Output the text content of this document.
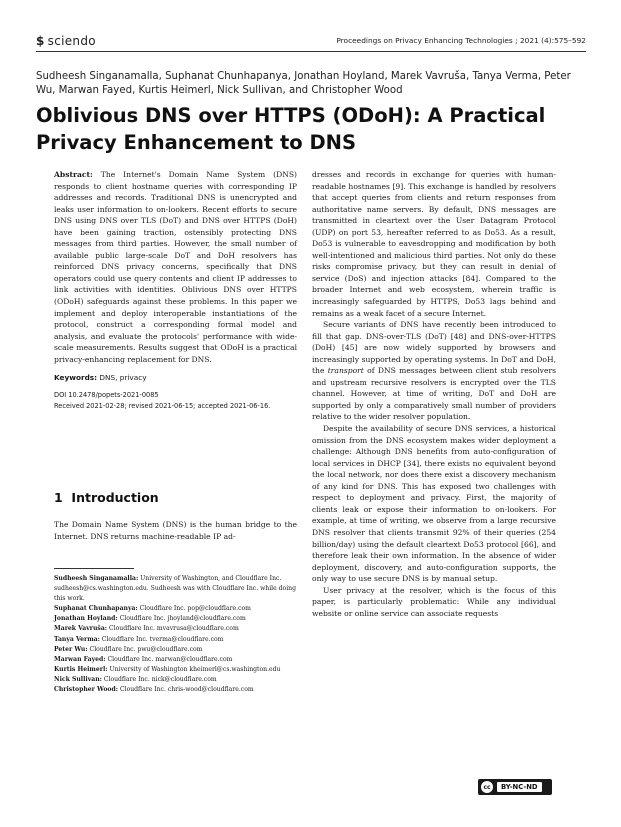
$ sciendo	Proceedings on Privacy Enhancing Technologies ; 2021 (4):575–592
Sudheesh Singanamalla, Suphanat Chunhapanya, Jonathan Hoyland, Marek Vavruša, Tanya Verma, Peter Wu, Marwan Fayed, Kurtis Heimerl, Nick Sullivan, and Christopher Wood
Oblivious DNS over HTTPS (ODoH): A Practical Privacy Enhancement to DNS

Abstract: The Internet's Domain Name System (DNS) responds to client hostname queries with corresponding IP addresses and records. Traditional DNS is unencrypted and leaks user information to on-lookers. Recent efforts to secure DNS using DNS over TLS (DoT) and DNS over HTTPS (DoH) have been gaining traction, ostensibly protecting DNS messages from third parties. However, the small number of available public large-scale DoT and DoH resolvers has reinforced DNS privacy concerns, specifically that DNS operators could use query contents and client IP addresses to link activities with identities. Oblivious DNS over HTTPS (ODoH) safeguards against these problems. In this paper we implement and deploy interoperable instantiations of the protocol, construct a corresponding formal model and analysis, and evaluate the protocols' performance with wide-scale measurements. Results suggest that ODoH is a practical privacy-enhancing replacement for DNS.

Keywords: DNS, privacy

DOI 10.2478/popets-2021-0085
Received 2021-02-28; revised 2021-06-15; accepted 2021-06-16.
1 Introduction

The Domain Name System (DNS) is the human bridge to the Internet. DNS returns machine-readable IP ad-

Sudheesh Singanamalla: University of Washington, and Cloudflare Inc. sudheesh@cs.washington.edu. Sudheesh was with Cloudflare Inc. while doing this work.
Suphanat Chunhapanya: Cloudflare Inc. pop@cloudflare.com
Jonathan Hoyland: Cloudflare Inc. jhoyland@cloudflare.com
Marek Vavruša: Cloudflare Inc. mvavrusa@cloudflare.com
Tanya Verma: Cloudflare Inc. tverma@cloudflare.com
Peter Wu: Cloudflare Inc. pwu@cloudflare.com
Marwan Fayed: Cloudflare Inc. marwan@cloudflare.com
Kurtis Heimerl: University of Washington kheimerl@cs.washington.edu
Nick Sullivan: Cloudflare Inc. nick@cloudflare.com
Christopher Wood: Cloudflare Inc. chris-wood@cloudflare.com

dresses and records in exchange for queries with human-readable hostnames [9]. This exchange is handled by resolvers that accept queries from clients and return responses from authoritative name servers. By default, DNS messages are transmitted in cleartext over the User Datagram Protocol (UDP) on port 53, hereafter referred to as Do53. As a result, Do53 is vulnerable to eavesdropping and modification by both well-intentioned and malicious third parties. Not only do these risks compromise privacy, but they can result in denial of service (DoS) and injection attacks [84]. Compared to the broader Internet and web ecosystem, wherein traffic is increasingly safeguarded by HTTPS, Do53 lags behind and remains as a weak facet of a secure Internet.

Secure variants of DNS have recently been introduced to fill that gap. DNS-over-TLS (DoT) [48] and DNS-over-HTTPS (DoH) [45] are now widely supported by browsers and increasingly supported by operating systems. In DoT and DoH, the transport of DNS messages between client stub resolvers and upstream recursive resolvers is encrypted over the TLS channel. However, at time of writing, DoT and DoH are supported by only a comparatively small number of providers relative to the wider resolver population.

Despite the availability of secure DNS services, a historical omission from the DNS ecosystem makes wider deployment a challenge: Although DNS benefits from auto-configuration of local services in DHCP [34], there exists no equivalent beyond the local network, nor does there exist a discovery mechanism of any kind for DNS. This has exposed two challenges with respect to deployment and privacy. First, the majority of clients leak or expose their information to on-lookers. For example, at time of writing, we observe from a large recursive DNS resolver that clients transmit 92% of their queries (254 billion/day) using the default cleartext Do53 protocol [66], and therefore leak their own information. In the absence of wider deployment, discovery, and auto-configuration supports, the only way to use secure DNS is by manual setup.

User privacy at the resolver, which is the focus of this paper, is particularly problematic: While any individual website or online service can associate requests

cc	BY-NC-ND
